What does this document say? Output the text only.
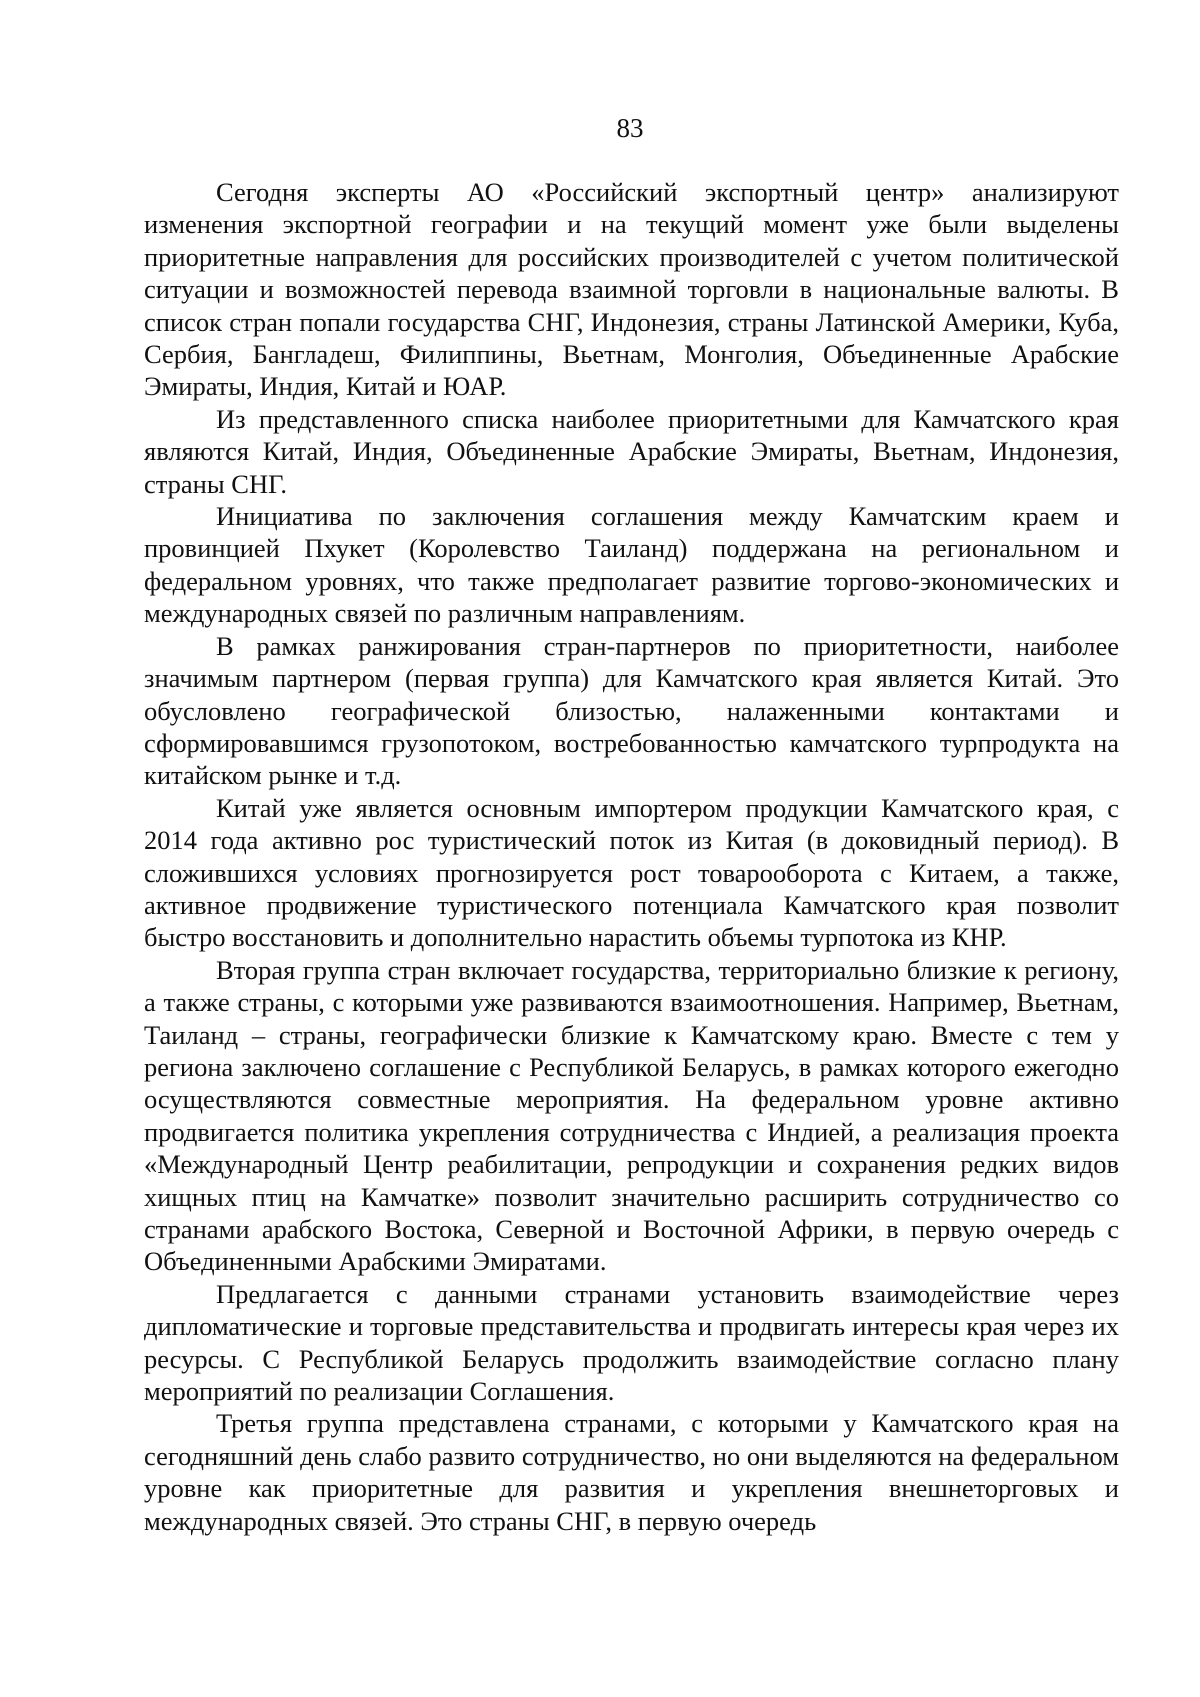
83

Сегодня эксперты АО «Российский экспортный центр» анализируют изменения экспортной географии и на текущий момент уже были выделены приоритетные направления для российских производителей с учетом политической ситуации и возможностей перевода взаимной торговли в национальные валюты. В список стран попали государства СНГ, Индонезия, страны Латинской Америки, Куба, Сербия, Бангладеш, Филиппины, Вьетнам, Монголия, Объединенные Арабские Эмираты, Индия, Китай и ЮАР.

Из представленного списка наиболее приоритетными для Камчатского края являются Китай, Индия, Объединенные Арабские Эмираты, Вьетнам, Индонезия, страны СНГ.

Инициатива по заключения соглашения между Камчатским краем и провинцией Пхукет (Королевство Таиланд) поддержана на региональном и федеральном уровнях, что также предполагает развитие торгово-экономических и международных связей по различным направлениям.

В рамках ранжирования стран-партнеров по приоритетности, наиболее значимым партнером (первая группа) для Камчатского края является Китай. Это обусловлено географической близостью, налаженными контактами и сформировавшимся грузопотоком, востребованностью камчатского турпродукта на китайском рынке и т.д.

Китай уже является основным импортером продукции Камчатского края, с 2014 года активно рос туристический поток из Китая (в доковидный период). В сложившихся условиях прогнозируется рост товарооборота с Китаем, а также, активное продвижение туристического потенциала Камчатского края позволит быстро восстановить и дополнительно нарастить объемы турпотока из КНР.

Вторая группа стран включает государства, территориально близкие к региону, а также страны, с которыми уже развиваются взаимоотношения. Например, Вьетнам, Таиланд – страны, географически близкие к Камчатскому краю. Вместе с тем у региона заключено соглашение с Республикой Беларусь, в рамках которого ежегодно осуществляются совместные мероприятия. На федеральном уровне активно продвигается политика укрепления сотрудничества с Индией, а реализация проекта «Международный Центр реабилитации, репродукции и сохранения редких видов хищных птиц на Камчатке» позволит значительно расширить сотрудничество со странами арабского Востока, Северной и Восточной Африки, в первую очередь с Объединенными Арабскими Эмиратами.

Предлагается с данными странами установить взаимодействие через дипломатические и торговые представительства и продвигать интересы края через их ресурсы. С Республикой Беларусь продолжить взаимодействие согласно плану мероприятий по реализации Соглашения.

Третья группа представлена странами, с которыми у Камчатского края на сегодняшний день слабо развито сотрудничество, но они выделяются на федеральном уровне как приоритетные для развития и укрепления внешнеторговых и международных связей. Это страны СНГ, в первую очередь
